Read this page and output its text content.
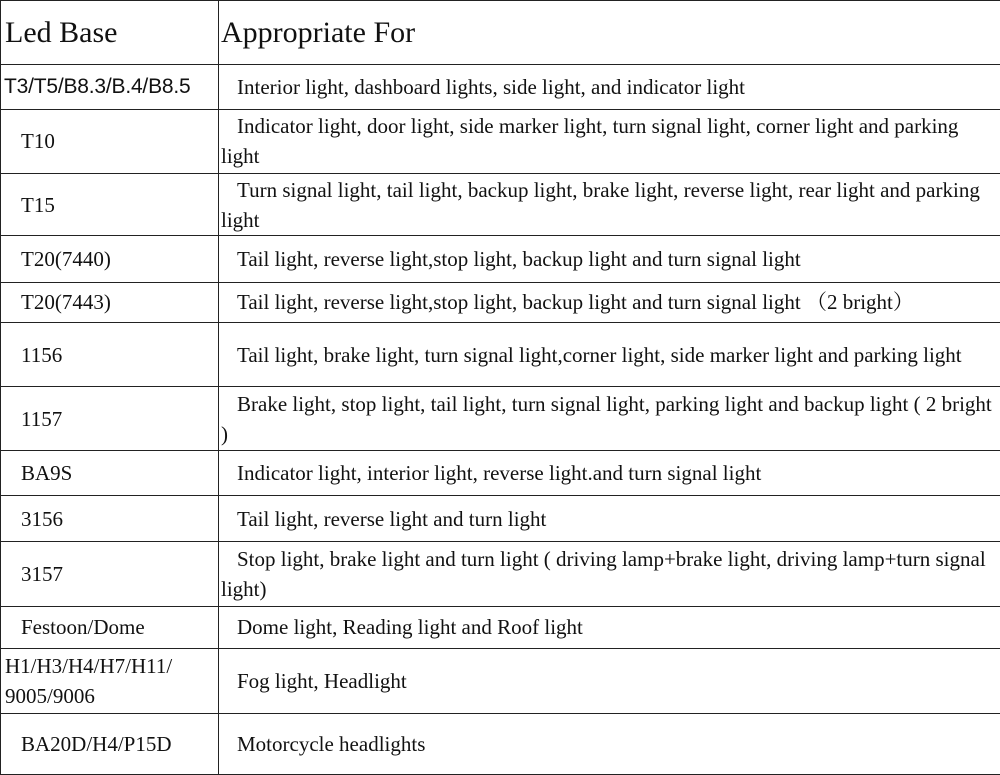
Led Base	Appropriate For
T3/T5/B8.3/B.4/B8.5	Interior light, dashboard lights, side light, and indicator light
T10	Indicator light, door light, side marker light, turn signal light, corner light and parking light
T15	Turn signal light, tail light, backup light, brake light, reverse light, rear light and parking light
T20(7440)	Tail light, reverse light,stop light, backup light and turn signal light
T20(7443)	Tail light, reverse light,stop light, backup light and turn signal light （2 bright）
1156	Tail light, brake light, turn signal light,corner light, side marker light and parking light
1157	Brake light, stop light, tail light, turn signal light, parking light and backup light ( 2 bright )
BA9S	Indicator light, interior light, reverse light.and turn signal light
3156	Tail light, reverse light and turn light
3157	Stop light, brake light and turn light ( driving lamp+brake light, driving lamp+turn signal light)
Festoon/Dome	Dome light, Reading light and Roof light
H1/H3/H4/H7/H11/ 9005/9006	Fog light, Headlight
BA20D/H4/P15D	Motorcycle headlights
